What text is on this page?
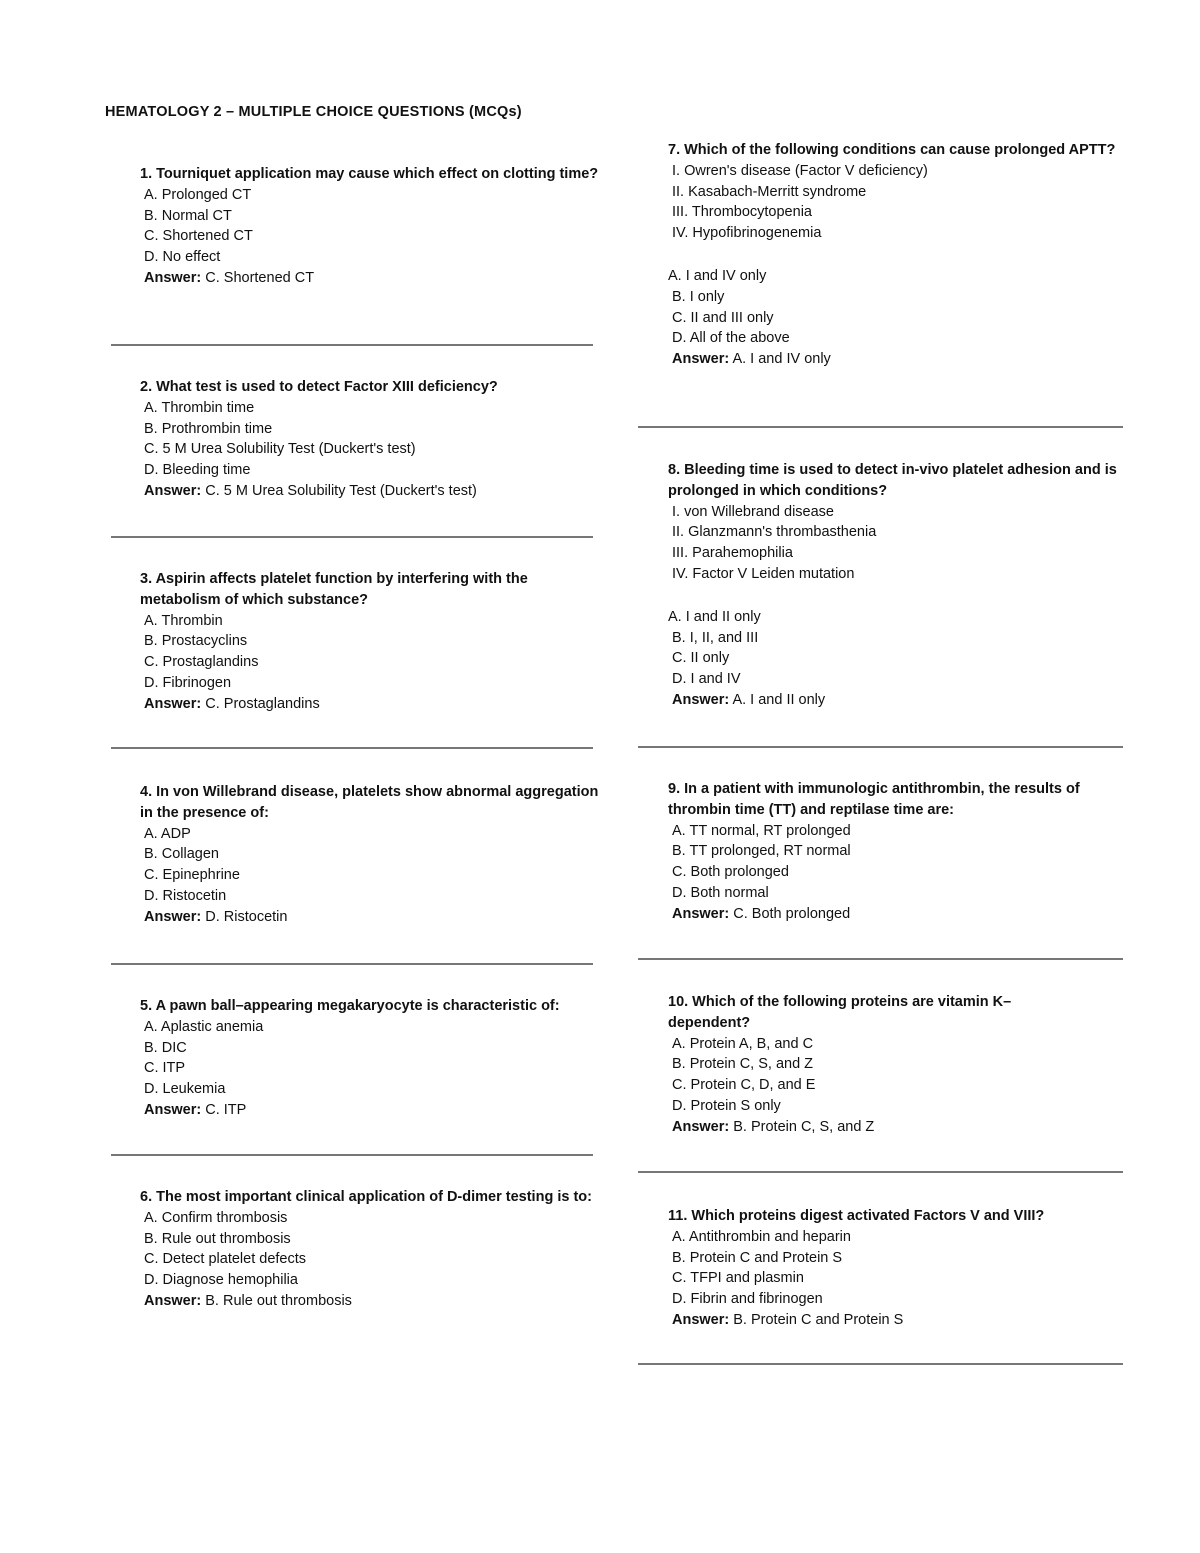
HEMATOLOGY 2 – MULTIPLE CHOICE QUESTIONS (MCQs)

1. Tourniquet application may cause which effect on clotting time?

A. Prolonged CT

B. Normal CT

C. Shortened CT

D. No effect

Answer: C. Shortened CT

2. What test is used to detect Factor XIII deficiency?

A. Thrombin time

B. Prothrombin time

C. 5 M Urea Solubility Test (Duckert's test)

D. Bleeding time

Answer: C. 5 M Urea Solubility Test (Duckert's test)

3. Aspirin affects platelet function by interfering with the metabolism of which substance?

A. Thrombin

B. Prostacyclins

C. Prostaglandins

D. Fibrinogen

Answer: C. Prostaglandins

4. In von Willebrand disease, platelets show abnormal aggregation in the presence of:

A. ADP

B. Collagen

C. Epinephrine

D. Ristocetin

Answer: D. Ristocetin

5. A pawn ball–appearing megakaryocyte is characteristic of:

A. Aplastic anemia

B. DIC

C. ITP

D. Leukemia

Answer: C. ITP

6. The most important clinical application of D-dimer testing is to:

A. Confirm thrombosis

B. Rule out thrombosis

C. Detect platelet defects

D. Diagnose hemophilia

Answer: B. Rule out thrombosis

7. Which of the following conditions can cause prolonged APTT?

I. Owren's disease (Factor V deficiency)

II. Kasabach-Merritt syndrome

III. Thrombocytopenia

IV. Hypofibrinogenemia

A. I and IV only

B. I only

C. II and III only

D. All of the above

Answer: A. I and IV only

8. Bleeding time is used to detect in-vivo platelet adhesion and is prolonged in which conditions?

I. von Willebrand disease

II. Glanzmann's thrombasthenia

III. Parahemophilia

IV. Factor V Leiden mutation

A. I and II only

B. I, II, and III

C. II only

D. I and IV

Answer: A. I and II only

9. In a patient with immunologic antithrombin, the results of thrombin time (TT) and reptilase time are:

A. TT normal, RT prolonged

B. TT prolonged, RT normal

C. Both prolonged

D. Both normal

Answer: C. Both prolonged

10. Which of the following proteins are vitamin K–dependent?

A. Protein A, B, and C

B. Protein C, S, and Z

C. Protein C, D, and E

D. Protein S only

Answer: B. Protein C, S, and Z

11. Which proteins digest activated Factors V and VIII?

A. Antithrombin and heparin

B. Protein C and Protein S

C. TFPI and plasmin

D. Fibrin and fibrinogen

Answer: B. Protein C and Protein S
